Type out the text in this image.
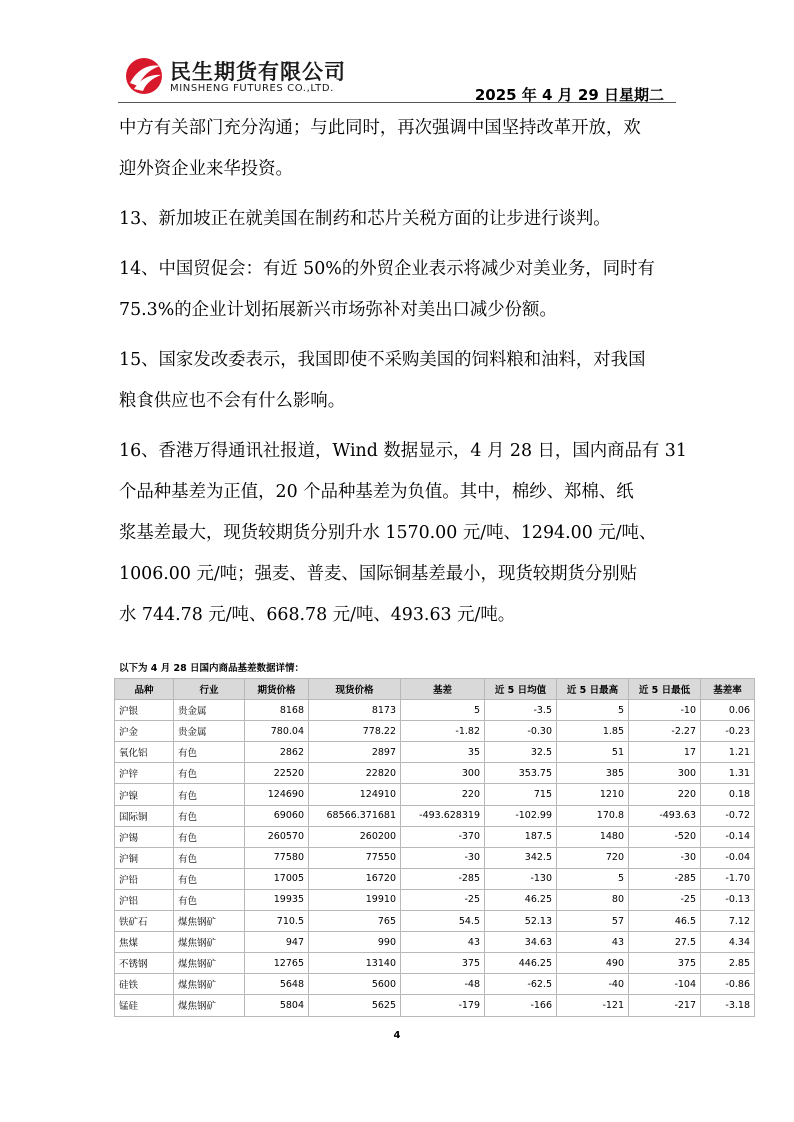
民生期货有限公司
MINSHENG FUTURES CO.,LTD.	2025 年 4 月 29 日星期二

中方有关部门充分沟通；与此同时，再次强调中国坚持改革开放，欢
迎外资企业来华投资。

13、新加坡正在就美国在制药和芯片关税方面的让步进行谈判。

14、中国贸促会：有近 50%的外贸企业表示将减少对美业务，同时有
75.3%的企业计划拓展新兴市场弥补对美出口减少份额。

15、国家发改委表示，我国即使不采购美国的饲料粮和油料，对我国
粮食供应也不会有什么影响。

16、香港万得通讯社报道，Wind 数据显示，4 月 28 日，国内商品有 31
个品种基差为正值，20 个品种基差为负值。其中，棉纱、郑棉、纸
浆基差最大，现货较期货分别升水 1570.00 元/吨、1294.00 元/吨、
1006.00 元/吨；强麦、普麦、国际铜基差最小，现货较期货分别贴
水 744.78 元/吨、668.78 元/吨、493.63 元/吨。

以下为 4 月 28 日国内商品基差数据详情：
品种	行业	期货价格	现货价格	基差	近 5 日均值	近 5 日最高	近 5 日最低	基差率
沪银	贵金属	8168	8173	5	-3.5	5	-10	0.06
沪金	贵金属	780.04	778.22	-1.82	-0.30	1.85	-2.27	-0.23
氧化铝	有色	2862	2897	35	32.5	51	17	1.21
沪锌	有色	22520	22820	300	353.75	385	300	1.31
沪镍	有色	124690	124910	220	715	1210	220	0.18
国际铜	有色	69060	68566.371681	-493.628319	-102.99	170.8	-493.63	-0.72
沪锡	有色	260570	260200	-370	187.5	1480	-520	-0.14
沪铜	有色	77580	77550	-30	342.5	720	-30	-0.04
沪铅	有色	17005	16720	-285	-130	5	-285	-1.70
沪铝	有色	19935	19910	-25	46.25	80	-25	-0.13
铁矿石	煤焦钢矿	710.5	765	54.5	52.13	57	46.5	7.12
焦煤	煤焦钢矿	947	990	43	34.63	43	27.5	4.34
不锈钢	煤焦钢矿	12765	13140	375	446.25	490	375	2.85
硅铁	煤焦钢矿	5648	5600	-48	-62.5	-40	-104	-0.86
锰硅	煤焦钢矿	5804	5625	-179	-166	-121	-217	-3.18
4
